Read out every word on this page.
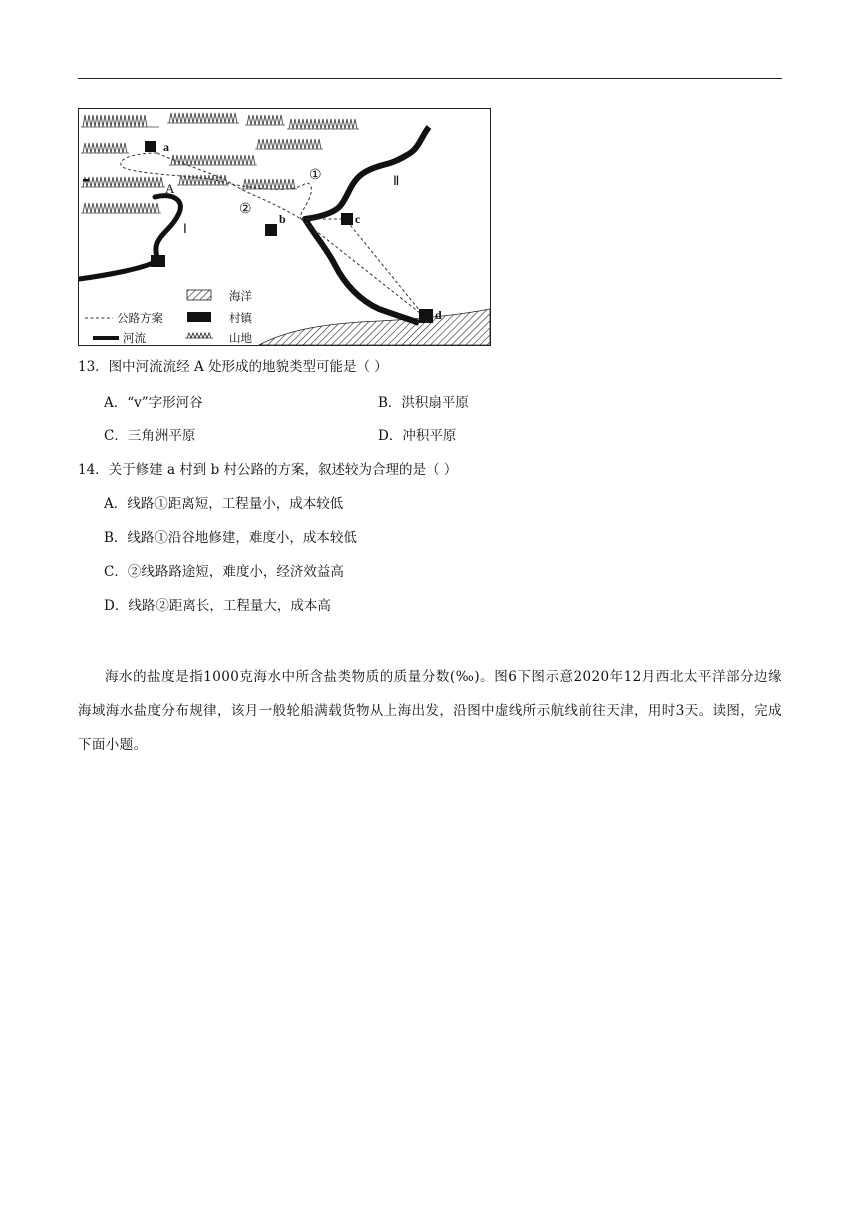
a
b	c
d
A
Ⅰ
Ⅱ
①
②
海洋
公路方案	村镇
河流	山地
13．图中河流流经 A 处形成的地貌类型可能是（ ）
A．“v”字形河谷	B．洪积扇平原
C．三角洲平原	D．冲积平原
14．关于修建 a 村到 b 村公路的方案，叙述较为合理的是（ ）
A．线路①距离短，工程量小，成本较低
B．线路①沿谷地修建，难度小，成本较低
C．②线路路途短，难度小，经济效益高
D．线路②距离长，工程量大，成本高

海水的盐度是指1000克海水中所含盐类物质的质量分数(‰)。图6下图示意2020年12月西北太平洋部分边缘海域海水盐度分布规律，该月一般轮船满载货物从上海出发，沿图中虚线所示航线前往天津，用时3天。读图，完成下面小题。
